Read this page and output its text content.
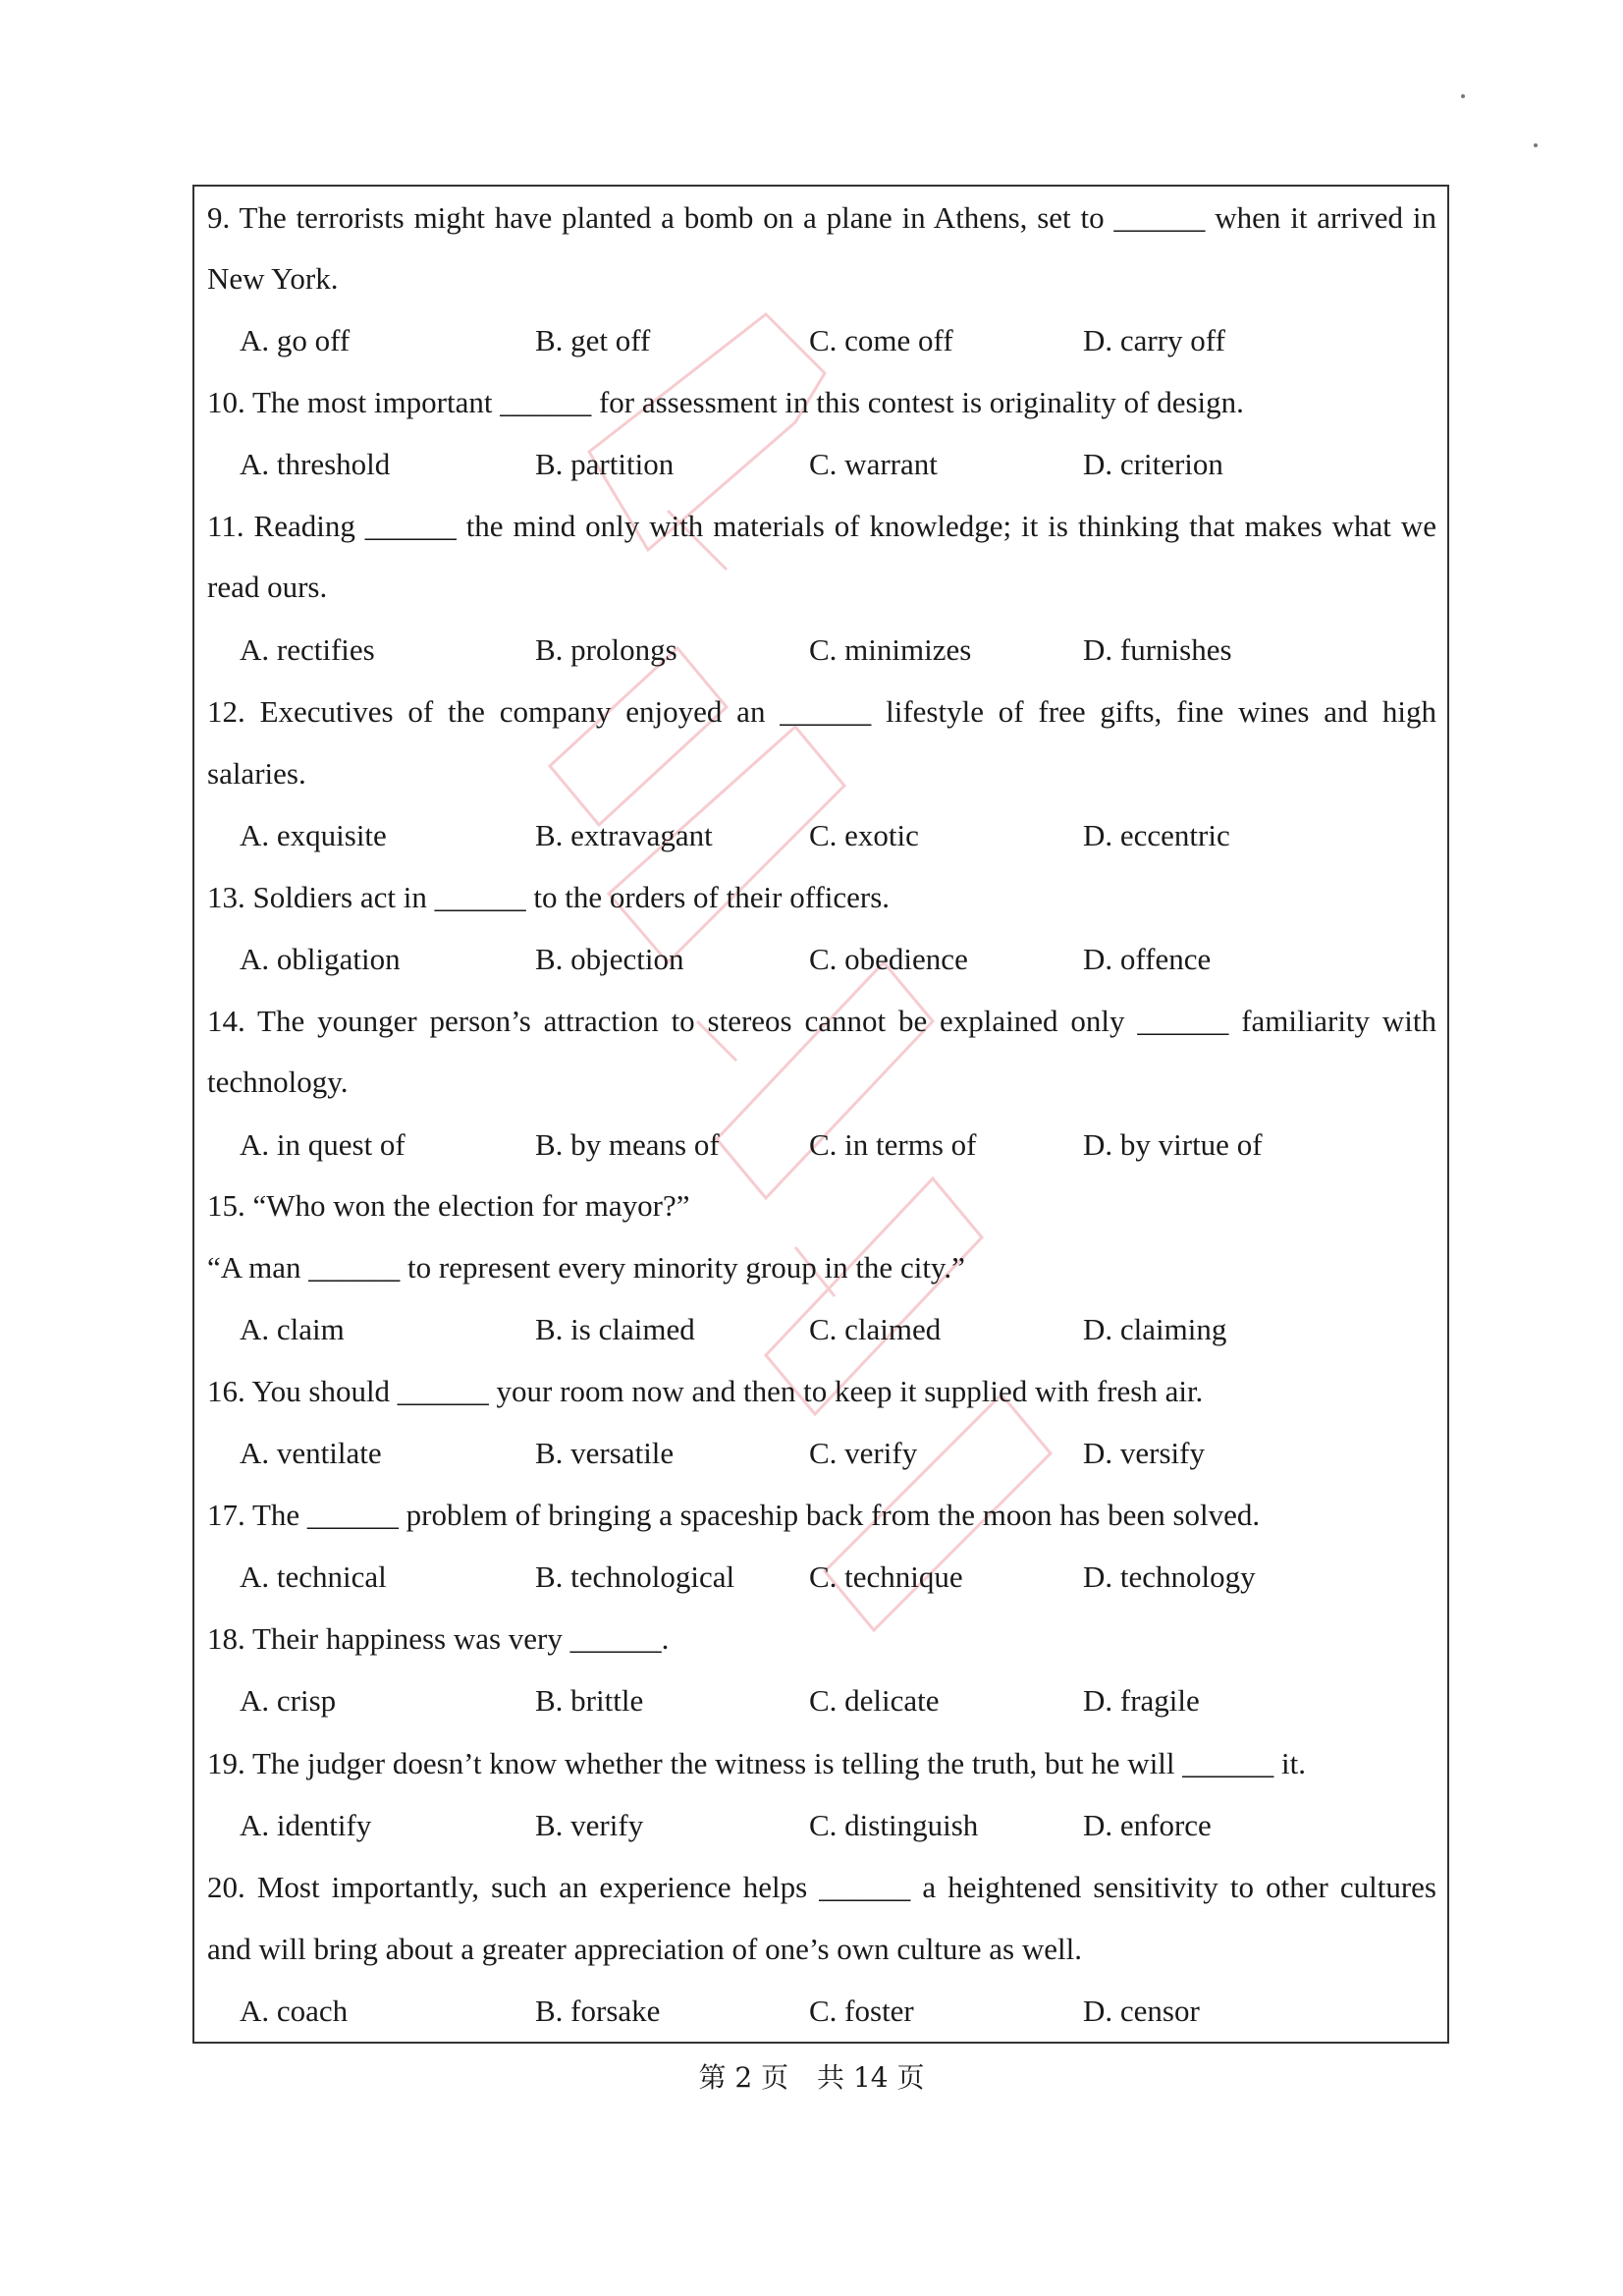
9. The terrorists might have planted a bomb on a plane in Athens, set to ______ when it arrived in
New York.
A. go off	B. get off	C. come off	D. carry off
10. The most important ______ for assessment in this contest is originality of design.
A. threshold	B. partition	C. warrant	D. criterion
11. Reading ______ the mind only with materials of knowledge; it is thinking that makes what we
read ours.
A. rectifies	B. prolongs	C. minimizes	D. furnishes
12. Executives of the company enjoyed an ______ lifestyle of free gifts, fine wines and high
salaries.
A. exquisite	B. extravagant	C. exotic	D. eccentric
13. Soldiers act in ______ to the orders of their officers.
A. obligation	B. objection	C. obedience	D. offence
14. The younger person’s attraction to stereos cannot be explained only ______ familiarity with
technology.
A. in quest of	B. by means of	C. in terms of	D. by virtue of
15. “Who won the election for mayor?”
“A man ______ to represent every minority group in the city.”
A. claim	B. is claimed	C. claimed	D. claiming
16. You should ______ your room now and then to keep it supplied with fresh air.
A. ventilate	B. versatile	C. verify	D. versify
17. The ______ problem of bringing a spaceship back from the moon has been solved.
A. technical	B. technological C. technique	D. technology
18. Their happiness was very ______.
A. crisp	B. brittle	C. delicate	D. fragile
19. The judger doesn’t know whether the witness is telling the truth, but he will ______ it.
A. identify	B. verify	C. distinguish	D. enforce
20. Most importantly, such an experience helps ______ a heightened sensitivity to other cultures
and will bring about a greater appreciation of one’s own culture as well.
A. coach	B. forsake	C. foster	D. censor
第 2 页 共 14 页
